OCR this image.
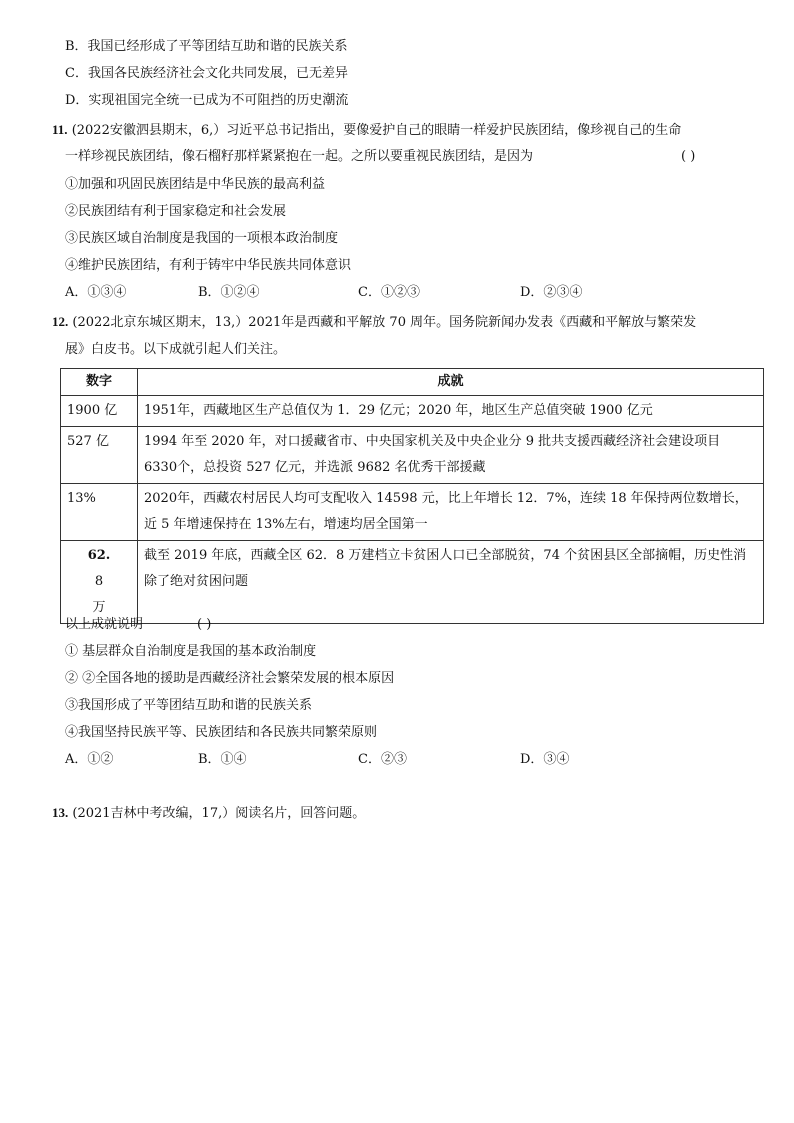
B．我国已经形成了平等团结互助和谐的民族关系
C．我国各民族经济社会文化共同发展，已无差异
D．实现祖国完全统一已成为不可阻挡的历史潮流
11. (2022安徽泗县期末，6,）习近平总书记指出，要像爱护自己的眼睛一样爱护民族团结，像珍视自己的生命
一样珍视民族团结，像石榴籽那样紧紧抱在一起。之所以要重视民族团结，是因为	( )
①加强和巩固民族团结是中华民族的最高利益
②民族团结有利于国家稳定和社会发展
③民族区域自治制度是我国的一项根本政治制度
④维护民族团结，有利于铸牢中华民族共同体意识
A．①③④	B．①②④	C．①②③	D．②③④
12. (2022北京东城区期末，13,）2021年是西藏和平解放 70 周年。国务院新闻办发表《西藏和平解放与繁荣发
展》白皮书。以下成就引起人们关注。
数字	成就
1900 亿	1951年，西藏地区生产总值仅为 1．29 亿元；2020 年，地区生产总值突破 1900 亿元
527 亿	1994 年至 2020 年，对口援藏省市、中央国家机关及中央企业分 9 批共支援西藏经济社会建设项目 6330个，总投资 527 亿元，并选派 9682 名优秀干部援藏
13%	2020年，西藏农村居民人均可支配收入 14598 元，比上年增长 12．7%，连续 18 年保持两位数增长，近 5 年增速保持在 13%左右，增速均居全国第一

62.
8
万	截至 2019 年底，西藏全区 62．8 万建档立卡贫困人口已全部脱贫，74 个贫困县区全部摘帽，历史性消除了绝对贫困问题
以上成就说明	( )
① 基层群众自治制度是我国的基本政治制度
② ②全国各地的援助是西藏经济社会繁荣发展的根本原因
③我国形成了平等团结互助和谐的民族关系
④我国坚持民族平等、民族团结和各民族共同繁荣原则
A．①②	B．①④	C．②③	D．③④
13. (2021吉林中考改编，17,）阅读名片，回答问题。
